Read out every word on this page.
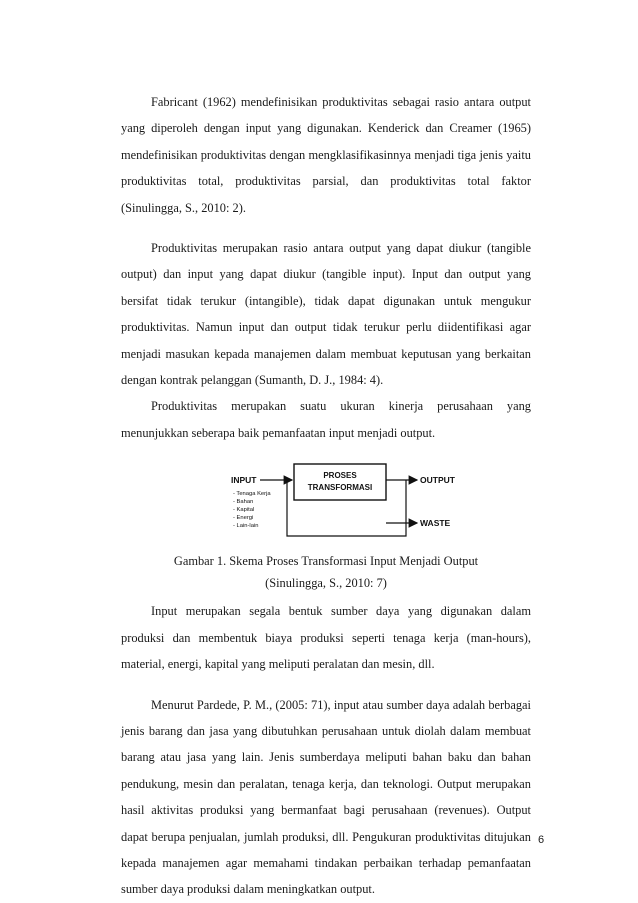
Fabricant (1962) mendefinisikan produktivitas sebagai rasio antara output yang diperoleh dengan input yang digunakan. Kenderick dan Creamer (1965) mendefinisikan produktivitas dengan mengklasifikasinnya menjadi tiga jenis yaitu produktivitas total, produktivitas parsial, dan produktivitas total faktor (Sinulingga, S., 2010: 2).

Produktivitas merupakan rasio antara output yang dapat diukur (tangible output) dan input yang dapat diukur (tangible input). Input dan output yang bersifat tidak terukur (intangible), tidak dapat digunakan untuk mengukur produktivitas. Namun input dan output tidak terukur perlu diidentifikasi agar menjadi masukan kepada manajemen dalam membuat keputusan yang berkaitan dengan kontrak pelanggan (Sumanth, D. J., 1984: 4).

Produktivitas merupakan suatu ukuran kinerja perusahaan yang menunjukkan seberapa baik pemanfaatan input menjadi output.

INPUT
- Tenaga Kerja
- Bahan
- Kapital
- Energi
- Lain-lain
PROSES
TRANSFORMASI
OUTPUT
WASTE

Gambar 1. Skema Proses Transformasi Input Menjadi Output

(Sinulingga, S., 2010: 7)

Input merupakan segala bentuk sumber daya yang digunakan dalam produksi dan membentuk biaya produksi seperti tenaga kerja (man-hours), material, energi, kapital yang meliputi peralatan dan mesin, dll.

Menurut Pardede, P. M., (2005: 71), input atau sumber daya adalah berbagai jenis barang dan jasa yang dibutuhkan perusahaan untuk diolah dalam membuat barang atau jasa yang lain. Jenis sumberdaya meliputi bahan baku dan bahan pendukung, mesin dan peralatan, tenaga kerja, dan teknologi. Output merupakan hasil aktivitas produksi yang bermanfaat bagi perusahaan (revenues). Output dapat berupa penjualan, jumlah produksi, dll. Pengukuran produktivitas ditujukan kepada manajemen agar memahami tindakan perbaikan terhadap pemanfaatan sumber daya produksi dalam meningkatkan output.

6
